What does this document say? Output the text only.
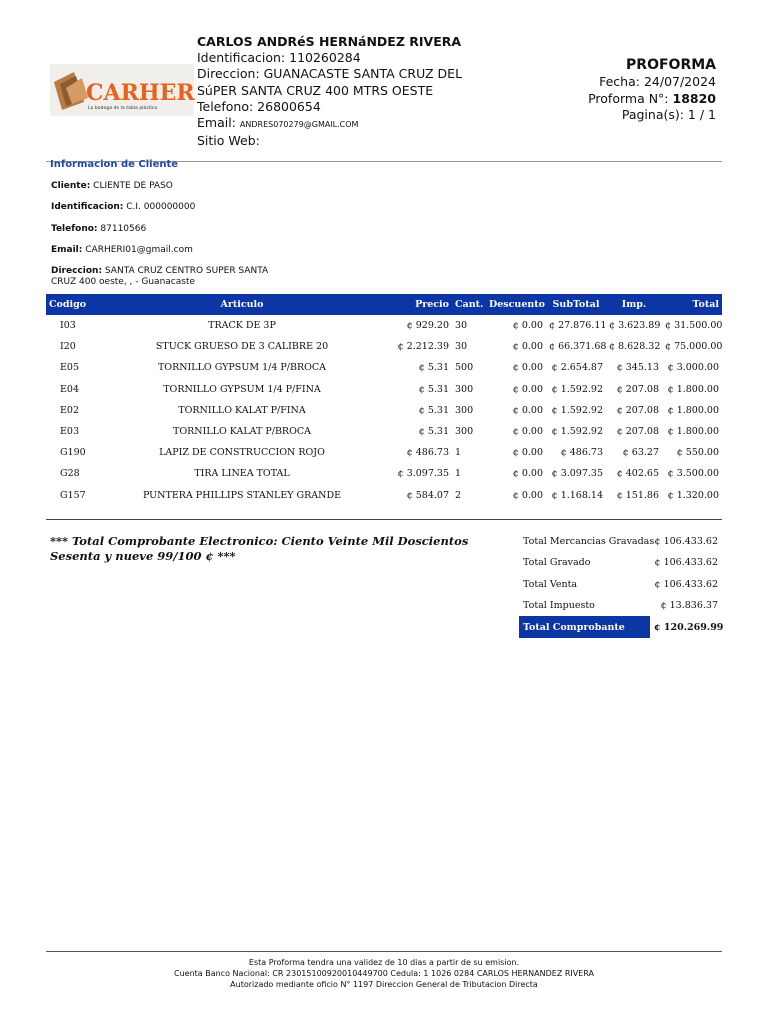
CARHERI
La bodega de la tabla plástica
CARLOS ANDRéS HERNáNDEZ RIVERA
Identificacion: 110260284
Direccion: GUANACASTE SANTA CRUZ DEL
SúPER SANTA CRUZ 400 MTRS OESTE
Telefono: 26800654
Email: ANDRES070279@GMAIL.COM
Sitio Web:
PROFORMA
Fecha: 24/07/2024
Proforma N°: 18820
Pagina(s): 1 / 1
Informacion de Cliente
Cliente: CLIENTE DE PASO
Identificacion: C.I. 000000000
Telefono: 87110566
Email: CARHERI01@gmail.com
Direccion: SANTA CRUZ CENTRO SUPER SANTA
CRUZ 400 oeste, , - Guanacaste
Codigo	Articulo	Precio	Cant.	Descuento	SubTotal	Imp.	Total
I03	TRACK DE 3P	¢ 929.20	30	¢ 0.00	¢ 27.876.11	¢ 3.623.89	¢ 31.500.00
I20	STUCK GRUESO DE 3 CALIBRE 20	¢ 2.212.39	30	¢ 0.00	¢ 66.371.68	¢ 8.628.32	¢ 75.000.00
E05	TORNILLO GYPSUM 1/4 P/BROCA	¢ 5.31	500	¢ 0.00	¢ 2.654.87	¢ 345.13	¢ 3.000.00
E04	TORNILLO GYPSUM 1/4 P/FINA	¢ 5.31	300	¢ 0.00	¢ 1.592.92	¢ 207.08	¢ 1.800.00
E02	TORNILLO KALAT P/FINA	¢ 5.31	300	¢ 0.00	¢ 1.592.92	¢ 207.08	¢ 1.800.00
E03	TORNILLO KALAT P/BROCA	¢ 5.31	300	¢ 0.00	¢ 1.592.92	¢ 207.08	¢ 1.800.00
G190	LAPIZ DE CONSTRUCCION ROJO	¢ 486.73	1	¢ 0.00	¢ 486.73	¢ 63.27	¢ 550.00
G28	TIRA LINEA TOTAL	¢ 3.097.35	1	¢ 0.00	¢ 3.097.35	¢ 402.65	¢ 3.500.00
G157	PUNTERA PHILLIPS STANLEY GRANDE	¢ 584.07	2	¢ 0.00	¢ 1.168.14	¢ 151.86	¢ 1.320.00
*** Total Comprobante Electronico: Ciento Veinte Mil Doscientos Sesenta y nueve 99/100 ¢ ***
Total Mercancias Gravadas	¢ 106.433.62
Total Gravado	¢ 106.433.62
Total Venta	¢ 106.433.62
Total Impuesto	¢ 13.836.37
Total Comprobante	¢ 120.269.99
Esta Proforma tendra una validez de 10 dias a partir de su emision.
Cuenta Banco Nacional: CR 23015100920010449700 Cedula: 1 1026 0284 CARLOS HERNANDEZ RIVERA
Autorizado mediante oficio N° 1197 Direccion General de Tributacion Directa
